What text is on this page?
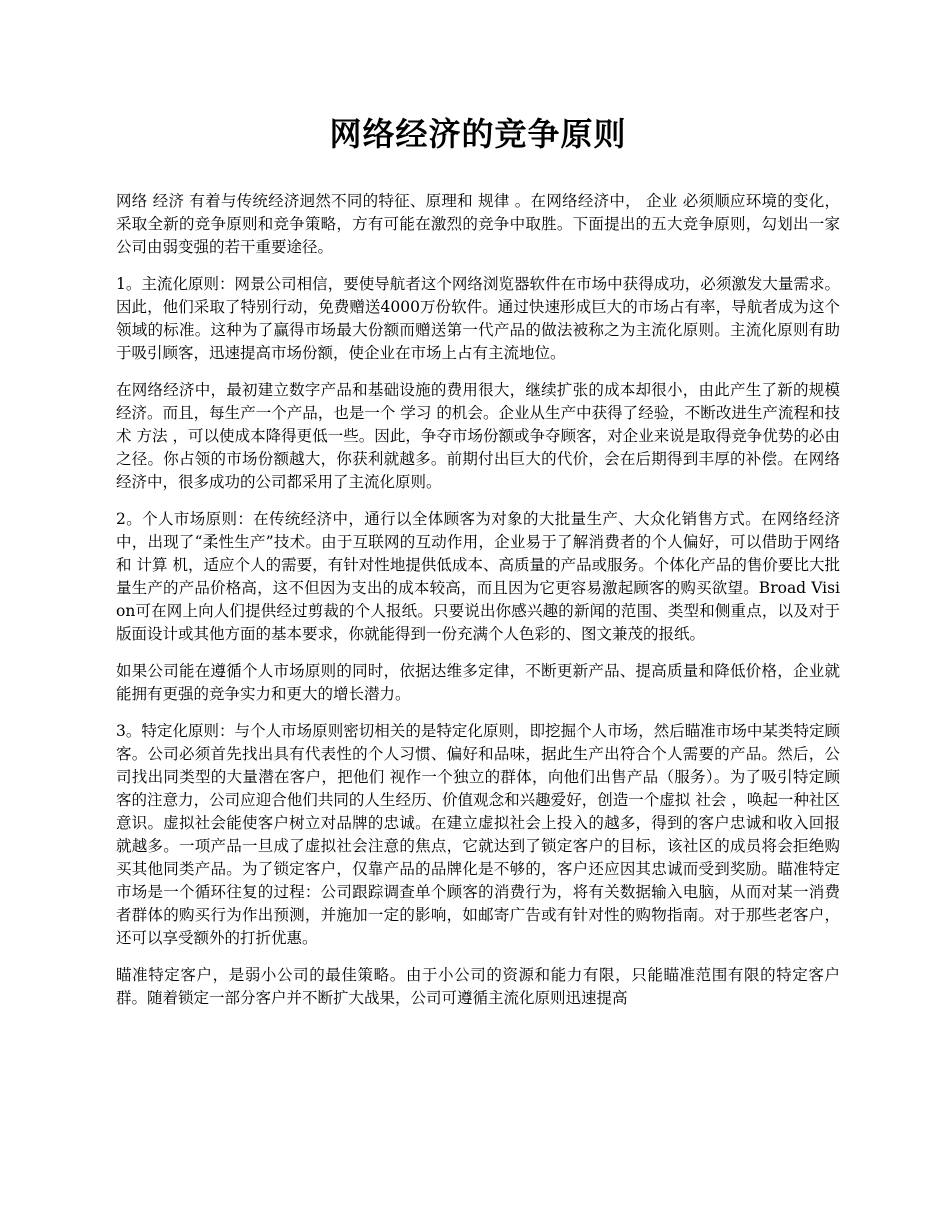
网络经济的竞争原则

网络 经济 有着与传统经济迥然不同的特征、原理和 规律 。在网络经济中， 企业 必须顺应环境的变化，采取全新的竞争原则和竞争策略，方有可能在激烈的竞争中取胜。下面提出的五大竞争原则，勾划出一家公司由弱变强的若干重要途径。

1。主流化原则：网景公司相信，要使导航者这个网络浏览器软件在市场中获得成功，必须激发大量需求。因此，他们采取了特别行动，免费赠送4000万份软件。通过快速形成巨大的市场占有率，导航者成为这个领域的标准。这种为了赢得市场最大份额而赠送第一代产品的做法被称之为主流化原则。主流化原则有助于吸引顾客，迅速提高市场份额，使企业在市场上占有主流地位。

在网络经济中，最初建立数字产品和基础设施的费用很大，继续扩张的成本却很小，由此产生了新的规模经济。而且，每生产一个产品，也是一个 学习 的机会。企业从生产中获得了经验，不断改进生产流程和技术 方法 ，可以使成本降得更低一些。因此，争夺市场份额或争夺顾客，对企业来说是取得竞争优势的必由之径。你占领的市场份额越大，你获利就越多。前期付出巨大的代价，会在后期得到丰厚的补偿。在网络经济中，很多成功的公司都采用了主流化原则。

2。个人市场原则：在传统经济中，通行以全体顾客为对象的大批量生产、大众化销售方式。在网络经济中，出现了“柔性生产”技术。由于互联网的互动作用，企业易于了解消费者的个人偏好，可以借助于网络和 计算 机，适应个人的需要，有针对性地提供低成本、高质量的产品或服务。个体化产品的售价要比大批量生产的产品价格高，这不但因为支出的成本较高，而且因为它更容易激起顾客的购买欲望。Broad Vision可在网上向人们提供经过剪裁的个人报纸。只要说出你感兴趣的新闻的范围、类型和侧重点，以及对于版面设计或其他方面的基本要求，你就能得到一份充满个人色彩的、图文兼茂的报纸。

如果公司能在遵循个人市场原则的同时，依据达维多定律，不断更新产品、提高质量和降低价格，企业就能拥有更强的竞争实力和更大的增长潜力。

3。特定化原则：与个人市场原则密切相关的是特定化原则，即挖掘个人市场，然后瞄准市场中某类特定顾客。公司必须首先找出具有代表性的个人习惯、偏好和品味，据此生产出符合个人需要的产品。然后，公司找出同类型的大量潜在客户，把他们 视作一个独立的群体，向他们出售产品（服务）。为了吸引特定顾客的注意力，公司应迎合他们共同的人生经历、价值观念和兴趣爱好，创造一个虚拟 社会 ，唤起一种社区意识。虚拟社会能使客户树立对品牌的忠诚。在建立虚拟社会上投入的越多，得到的客户忠诚和收入回报就越多。一项产品一旦成了虚拟社会注意的焦点，它就达到了锁定客户的目标，该社区的成员将会拒绝购买其他同类产品。为了锁定客户，仅靠产品的品牌化是不够的，客户还应因其忠诚而受到奖励。瞄准特定市场是一个循环往复的过程：公司跟踪调查单个顾客的消费行为，将有关数据输入电脑，从而对某一消费者群体的购买行为作出预测，并施加一定的影响，如邮寄广告或有针对性的购物指南。对于那些老客户，还可以享受额外的打折优惠。

瞄准特定客户，是弱小公司的最佳策略。由于小公司的资源和能力有限，只能瞄准范围有限的特定客户群。随着锁定一部分客户并不断扩大战果，公司可遵循主流化原则迅速提高
